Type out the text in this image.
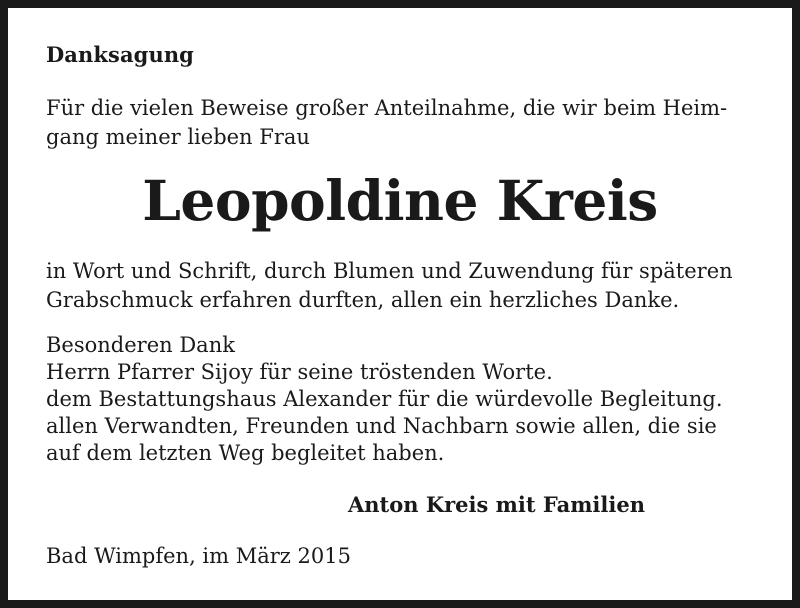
Danksagung
Für die vielen Beweise großer Anteilnahme, die wir beim Heim-
gang meiner lieben Frau
Leopoldine Kreis
in Wort und Schrift, durch Blumen und Zuwendung für späteren
Grabschmuck erfahren durften, allen ein herzliches Danke.
Besonderen Dank
Herrn Pfarrer Sijoy für seine tröstenden Worte.
dem Bestattungshaus Alexander für die würdevolle Begleitung.
allen Verwandten, Freunden und Nachbarn sowie allen, die sie
auf dem letzten Weg begleitet haben.
Anton Kreis mit Familien
Bad Wimpfen, im März 2015
